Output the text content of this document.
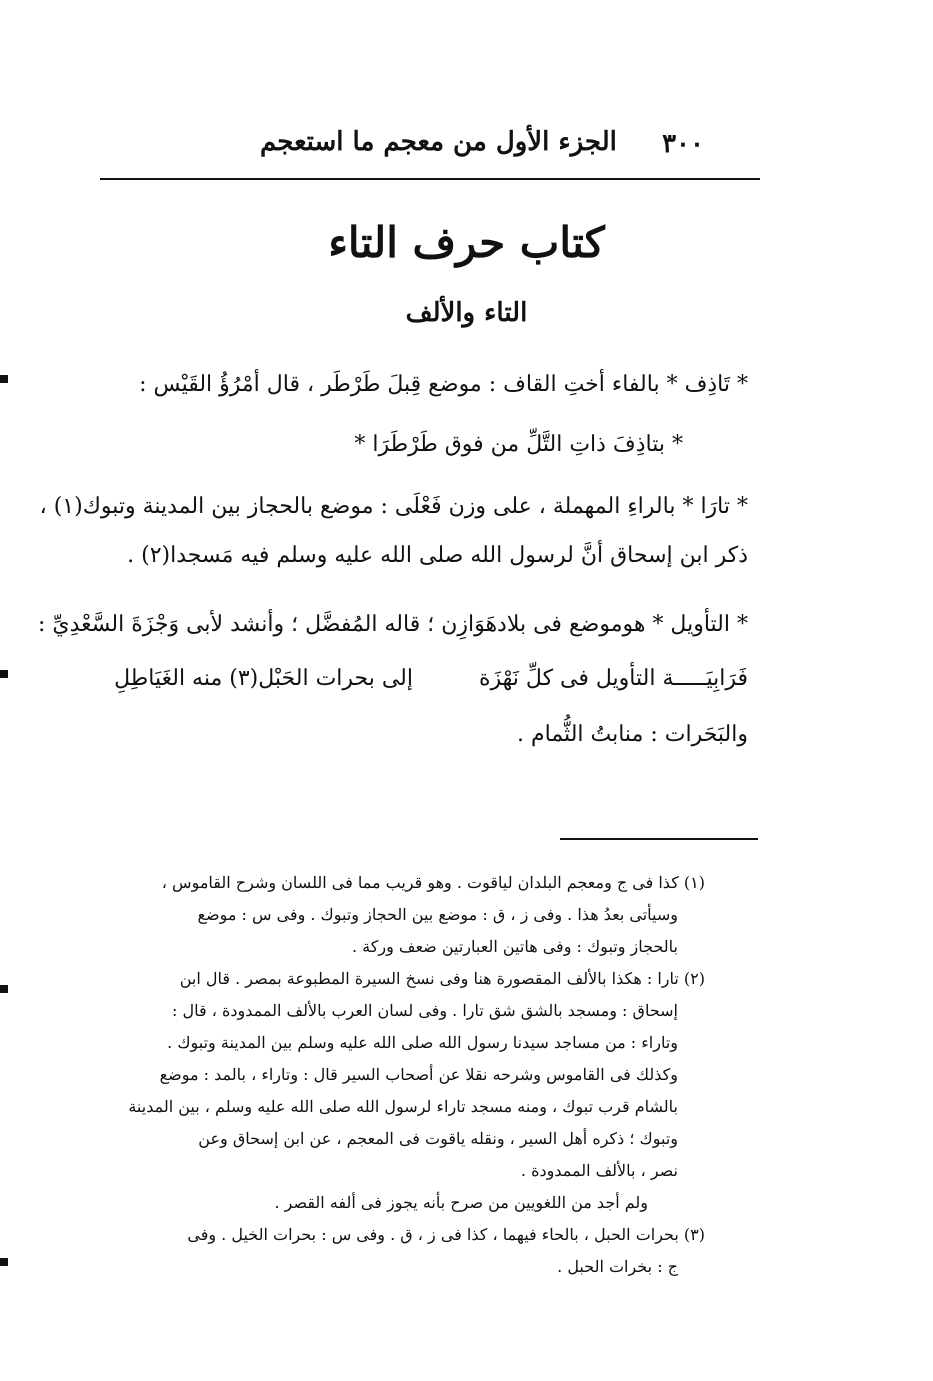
٣٠٠
الجزء الأول من معجم ما استعجم
كتاب حرف التاء
التاء والألف
* تَاذِف * بالفاء أختِ القاف : موضع قِبلَ طَرْطَر ، قال أمْرُؤُ القَيْس :
* بتاذِفَ ذاتِ التَّلِّ من فوق طَرْطَرَا *
* تارَا * بالراءِ المهملة ، على وزن فَعْلَى : موضع بالحجاز بين المدينة وتبوك(١) ،
ذكر ابن إسحاق أنَّ لرسول الله صلى الله عليه وسلم فيه مَسجدا(٢) .
* التأويل * هوموضع فى بلادهَوَازِن ؛ قاله المُفضَّل ؛ وأنشد لأبى وَجْزَةَ السَّعْدِيِّ :
فَرَابِيَـــــة التأويل فى كلِّ نَهْزَة
إلى بحرات الحَبْل(٣) منه الغَيَاطِلِ
والبَحَرات : منابتُ الثُّمام .
(١) كذا فى ج ومعجم البلدان لياقوت . وهو قريب مما فى اللسان وشرح القاموس ،
وسيأتى بعدُ هذا . وفى ز ، ق : موضع بين الحجاز وتبوك . وفى س : موضع
بالحجاز وتبوك : وفى هاتين العبارتين ضعف وركة .
(٢) تارا : هكذا بالألف المقصورة هنا وفى نسخ السيرة المطبوعة بمصر . قال ابن
إسحاق : ومسجد بالشق شق تارا . وفى لسان العرب بالألف الممدودة ، قال :
وتاراء : من مساجد سيدنا رسول الله صلى الله عليه وسلم بين المدينة وتبوك .
وكذلك فى القاموس وشرحه نقلا عن أصحاب السير قال : وتاراء ، بالمد : موضع
بالشام قرب تبوك ، ومنه مسجد تاراء لرسول الله صلى الله عليه وسلم ، بين المدينة
وتبوك ؛ ذكره أهل السير ، ونقله ياقوت فى المعجم ، عن ابن إسحاق وعن
نصر ، بالألف الممدودة .
ولم أجد من اللغويين من صرح بأنه يجوز فى ألفه القصر .
(٣) بحرات الحبل ، بالحاء فيهما ، كذا فى ز ، ق . وفى س : بحرات الخيل . وفى
ج : بخرات الحبل .
